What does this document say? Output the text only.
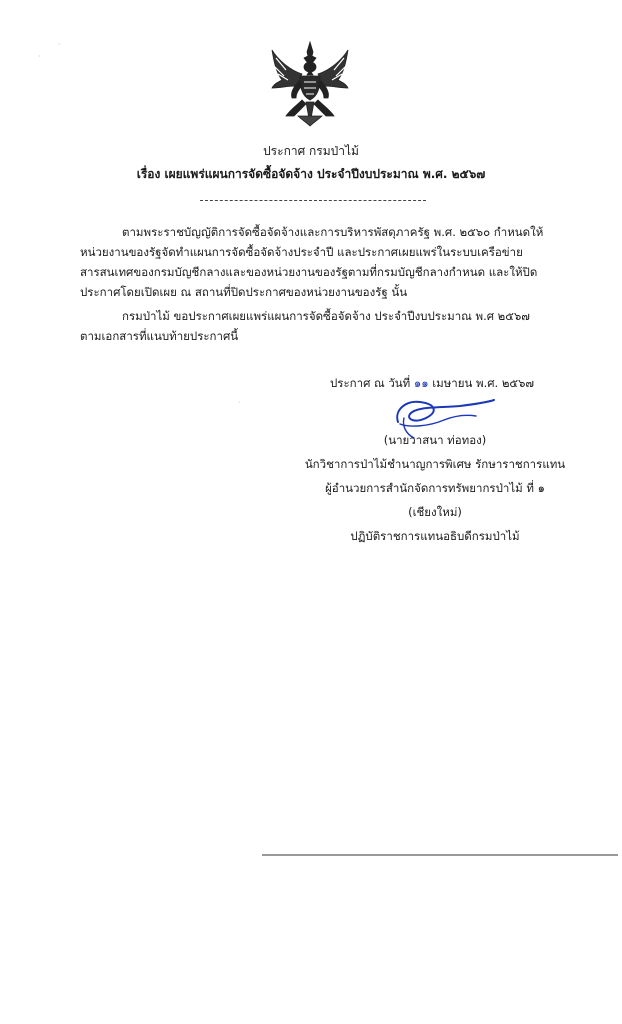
ประกาศ กรมป่าไม้
เรื่อง เผยแพร่แผนการจัดซื้อจัดจ้าง ประจำปีงบประมาณ พ.ศ. ๒๕๖๗
ตามพระราชบัญญัติการจัดซื้อจัดจ้างและการบริหารพัสดุภาครัฐ พ.ศ. ๒๕๖๐ กำหนดให้หน่วยงานของรัฐจัดทำแผนการจัดซื้อจัดจ้างประจำปี และประกาศเผยแพร่ในระบบเครือข่ายสารสนเทศของกรมบัญชีกลางและของหน่วยงานของรัฐตามที่กรมบัญชีกลางกำหนด และให้ปิดประกาศโดยเปิดเผย ณ สถานที่ปิดประกาศของหน่วยงานของรัฐ นั้น
กรมป่าไม้ ขอประกาศเผยแพร่แผนการจัดซื้อจัดจ้าง ประจำปีงบประมาณ พ.ศ ๒๕๖๗ ตามเอกสารที่แนบท้ายประกาศนี้
ประกาศ ณ วันที่ ๑๑ เมษายน พ.ศ. ๒๕๖๗
(นายวาสนา ท่อทอง)
นักวิชาการป่าไม้ชำนาญการพิเศษ รักษาราชการแทน
ผู้อำนวยการสำนักจัดการทรัพยากรป่าไม้ ที่ ๑
(เชียงใหม่)
ปฏิบัติราชการแทนอธิบดีกรมป่าไม้
·
·
·
